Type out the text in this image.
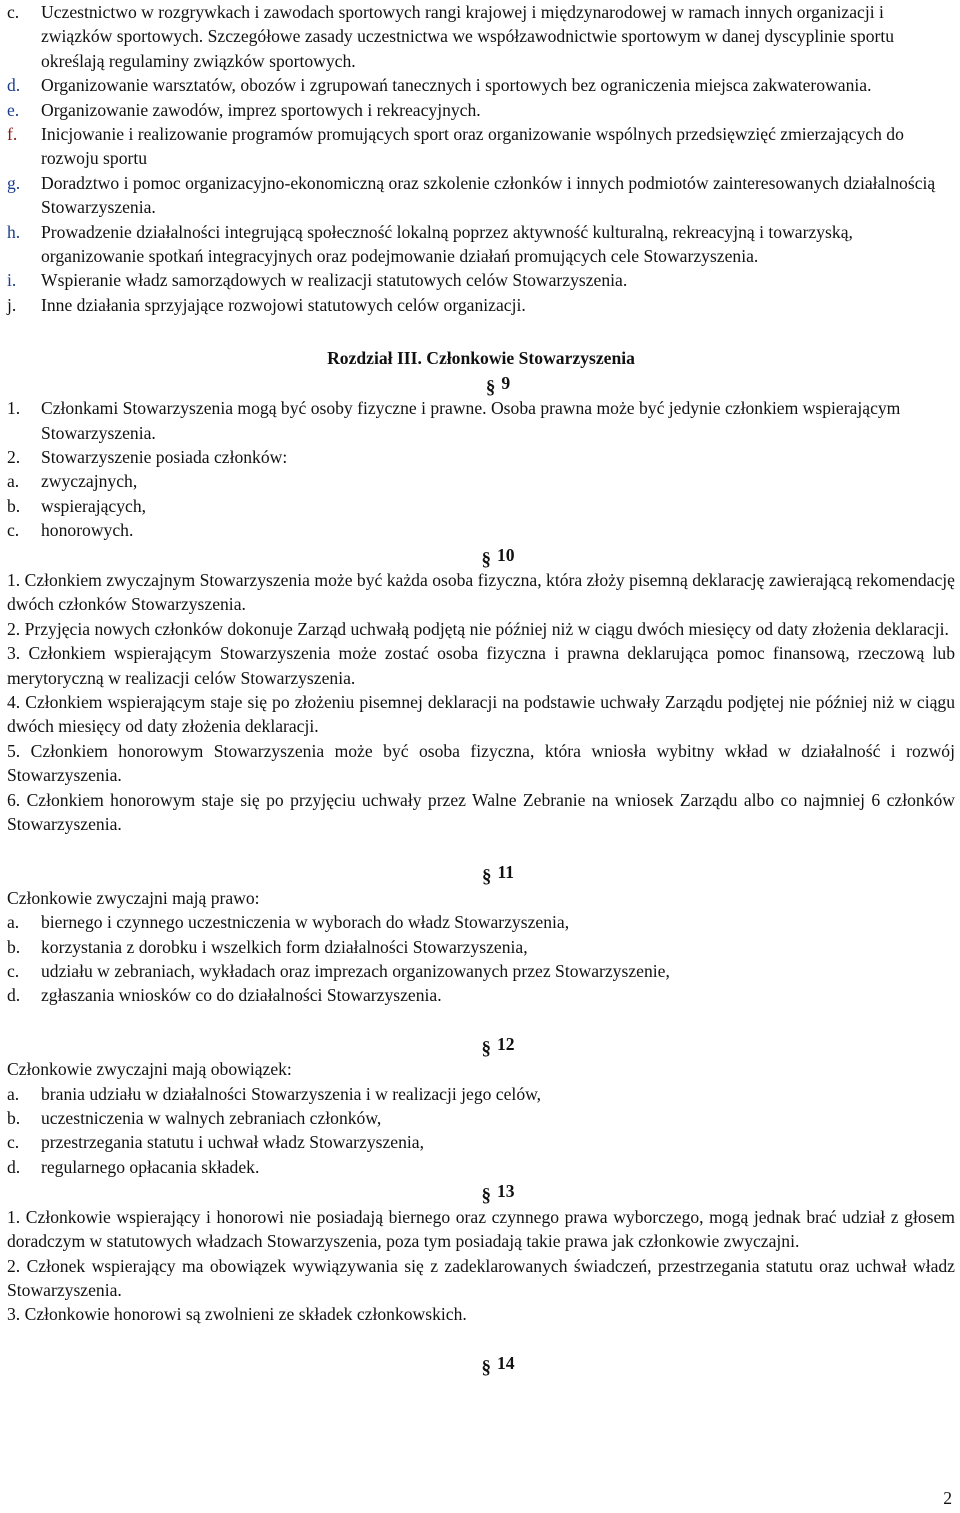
c. Uczestnictwo w rozgrywkach i zawodach sportowych rangi krajowej i międzynarodowej w ramach innych organizacji i związków sportowych. Szczegółowe zasady uczestnictwa we współzawodnictwie sportowym w danej dyscyplinie sportu określają regulaminy związków sportowych.
d. Organizowanie warsztatów, obozów i zgrupowań tanecznych i sportowych bez ograniczenia miejsca zakwaterowania.
e. Organizowanie zawodów, imprez sportowych i rekreacyjnych.
f. Inicjowanie i realizowanie programów promujących sport oraz organizowanie wspólnych przedsięwzięć zmierzających do rozwoju sportu
g. Doradztwo i pomoc organizacyjno-ekonomiczną oraz szkolenie członków i innych podmiotów zainteresowanych działalnością Stowarzyszenia.
h. Prowadzenie działalności integrującą społeczność lokalną poprzez aktywność kulturalną, rekreacyjną i towarzyską, organizowanie spotkań integracyjnych oraz podejmowanie działań promujących cele Stowarzyszenia.
i. Wspieranie władz samorządowych w realizacji statutowych celów Stowarzyszenia.
j. Inne działania sprzyjające rozwojowi statutowych celów organizacji.
Rozdział III. Członkowie Stowarzyszenia
§ 9
1. Członkami Stowarzyszenia mogą być osoby fizyczne i prawne. Osoba prawna może być jedynie członkiem wspierającym Stowarzyszenia.
2. Stowarzyszenie posiada członków:
a. zwyczajnych,
b. wspierających,
c. honorowych.
§ 10
1. Członkiem zwyczajnym Stowarzyszenia może być każda osoba fizyczna, która złoży pisemną deklarację zawierającą rekomendację dwóch członków Stowarzyszenia.
2. Przyjęcia nowych członków dokonuje Zarząd uchwałą podjętą nie później niż w ciągu dwóch miesięcy od daty złożenia deklaracji.
3. Członkiem wspierającym Stowarzyszenia może zostać osoba fizyczna i prawna deklarująca pomoc finansową, rzeczową lub merytoryczną w realizacji celów Stowarzyszenia.
4. Członkiem wspierającym staje się po złożeniu pisemnej deklaracji na podstawie uchwały Zarządu podjętej nie później niż w ciągu dwóch miesięcy od daty złożenia deklaracji.
5. Członkiem honorowym Stowarzyszenia może być osoba fizyczna, która wniosła wybitny wkład w działalność i rozwój Stowarzyszenia.
6. Członkiem honorowym staje się po przyjęciu uchwały przez Walne Zebranie na wniosek Zarządu albo co najmniej 6 członków Stowarzyszenia.
§ 11
Członkowie zwyczajni mają prawo:
a. biernego i czynnego uczestniczenia w wyborach do władz Stowarzyszenia,
b. korzystania z dorobku i wszelkich form działalności Stowarzyszenia,
c. udziału w zebraniach, wykładach oraz imprezach organizowanych przez Stowarzyszenie,
d. zgłaszania wniosków co do działalności Stowarzyszenia.
§ 12
Członkowie zwyczajni mają obowiązek:
a. brania udziału w działalności Stowarzyszenia i w realizacji jego celów,
b. uczestniczenia w walnych zebraniach członków,
c. przestrzegania statutu i uchwał władz Stowarzyszenia,
d. regularnego opłacania składek.
§ 13
1. Członkowie wspierający i honorowi nie posiadają biernego oraz czynnego prawa wyborczego, mogą jednak brać udział z głosem doradczym w statutowych władzach Stowarzyszenia, poza tym posiadają takie prawa jak członkowie zwyczajni.
2. Członek wspierający ma obowiązek wywiązywania się z zadeklarowanych świadczeń, przestrzegania statutu oraz uchwał władz Stowarzyszenia.
3. Członkowie honorowi są zwolnieni ze składek członkowskich.
§ 14
2
